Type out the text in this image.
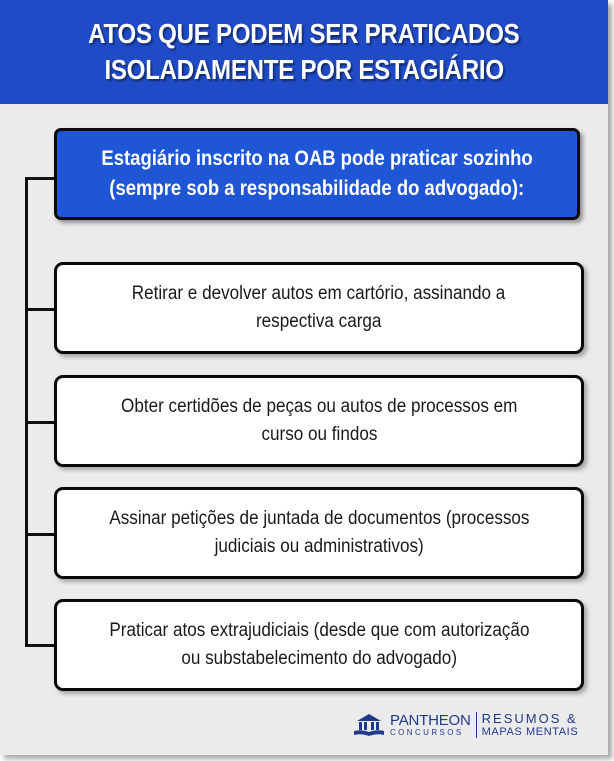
ATOS QUE PODEM SER PRATICADOS
ISOLADAMENTE POR ESTAGIÁRIO
Estagiário inscrito na OAB pode praticar sozinho
(sempre sob a responsabilidade do advogado):
Retirar e devolver autos em cartório, assinando a
respectiva carga
Obter certidões de peças ou autos de processos em
curso ou findos
Assinar petições de juntada de documentos (processos
judiciais ou administrativos)
Praticar atos extrajudiciais (desde que com autorização
ou substabelecimento do advogado)
PANTHEON
CONCURSOS
RESUMOS &
MAPAS MENTAIS
